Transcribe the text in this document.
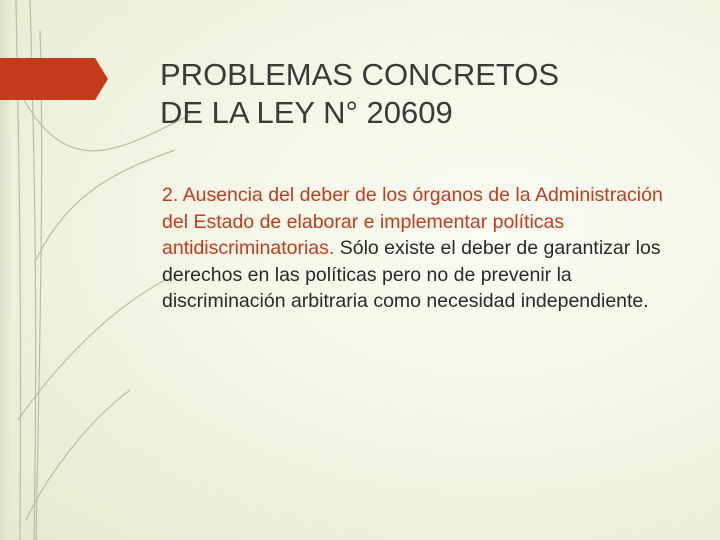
PROBLEMAS CONCRETOS
DE LA LEY N° 20609

2. Ausencia del deber de los órganos de la Administración del Estado de elaborar e implementar políticas antidiscriminatorias. Sólo existe el deber de garantizar los derechos en las políticas pero no de prevenir la discriminación arbitraria como necesidad independiente.
